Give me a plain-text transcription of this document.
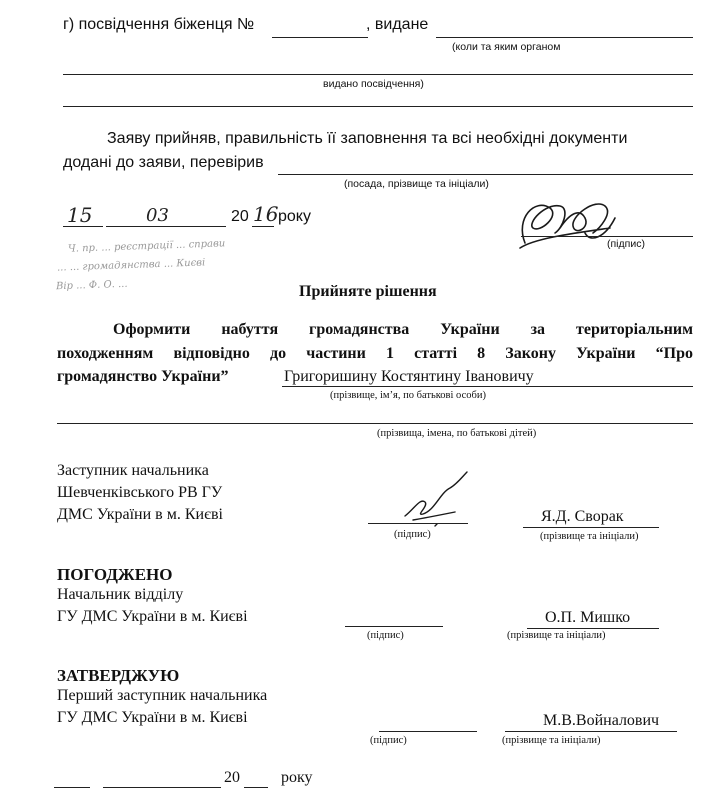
г) посвідчення біженця №	, видане
(коли та яким органом
видано посвідчення)
Заяву прийняв, правильність її заповнення та всі необхідні документи
додані до заяви, перевірив
(посада, прізвище та ініціали)
15	03	20 16 року
(підпис)
Ч. пр. ... реєстрації ... справи
... ... громадянства ... Києві
Вір ... Ф. О. ...	Прийняте рішення
Оформити набуття громадянства України за територіальним
походженням відповідно до частини 1 статті 8 Закону України “Про
громадянство України”	Григоришину Костянтину Івановичу
(прізвище, ім’я, по батькові особи)
(прізвища, імена, по батькові дітей)
Заступник начальника
Шевченківського РВ ГУ
ДМС України в м. Києві
(підпис)
Я.Д. Сворак
(прізвище та ініціали)
ПОГОДЖЕНО
Начальник відділу
ГУ ДМС України в м. Києві
(підпис)
О.П. Мишко
(прізвище та ініціали)
ЗАТВЕРДЖУЮ
Перший заступник начальника
ГУ ДМС України в м. Києві
(підпис)
М.В.Войналович
(прізвище та ініціали)
20	року
